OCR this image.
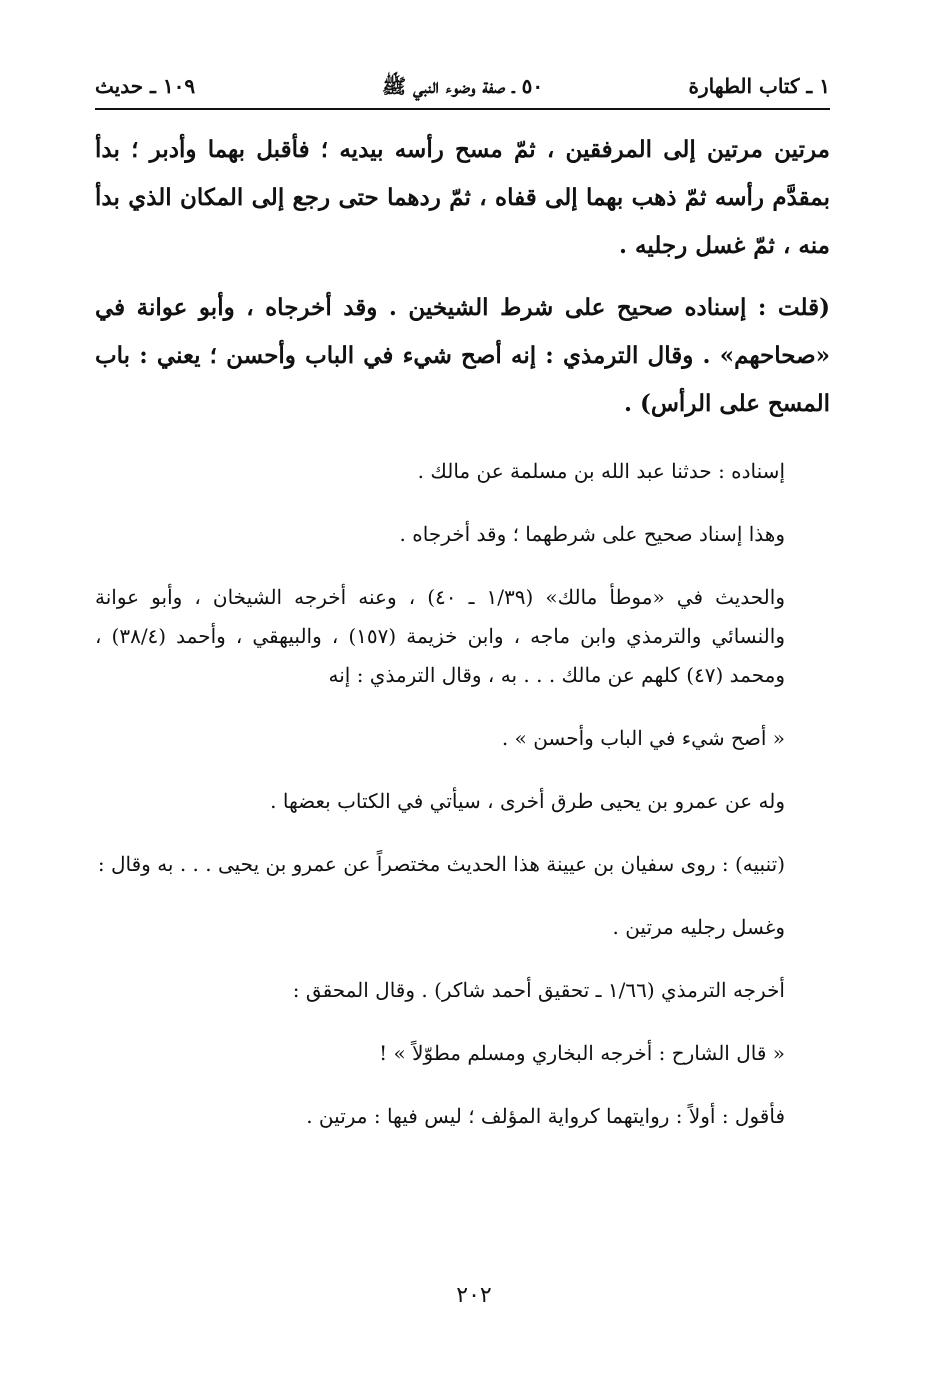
١ ـ كتاب الطهارة
٥٠ ـ صفة وضوء النبي ﷺ
١٠٩ ـ حديث

مرتين مرتين إلى المرفقين ، ثمّ مسح رأسه بيديه ؛ فأقبل بهما وأدبر ؛ بدأ بمقدَّم رأسه ثمّ ذهب بهما إلى قفاه ، ثمّ ردهما حتى رجع إلى المكان الذي بدأ منه ، ثمّ غسل رجليه .

(قلت : إسناده صحيح على شرط الشيخين . وقد أخرجاه ، وأبو عوانة في «صحاحهم» . وقال الترمذي : إنه أصح شيء في الباب وأحسن ؛ يعني : باب المسح على الرأس) .

إسناده : حدثنا عبد الله بن مسلمة عن مالك .

وهذا إسناد صحيح على شرطهما ؛ وقد أخرجاه .

والحديث في «موطأ مالك» (١/٣٩ ـ ٤٠) ، وعنه أخرجه الشيخان ، وأبو عوانة والنسائي والترمذي وابن ماجه ، وابن خزيمة (١٥٧) ، والبيهقي ، وأحمد (٣٨/٤) ، ومحمد (٤٧) كلهم عن مالك . . . به ، وقال الترمذي : إنه

« أصح شيء في الباب وأحسن » .

وله عن عمرو بن يحيى طرق أخرى ، سيأتي في الكتاب بعضها .

(تنبيه) : روى سفيان بن عيينة هذا الحديث مختصراً عن عمرو بن يحيى . . . به وقال :

وغسل رجليه مرتين .

أخرجه الترمذي (١/٦٦ ـ تحقيق أحمد شاكر) . وقال المحقق :

« قال الشارح : أخرجه البخاري ومسلم مطوّلاً » !

فأقول : أولاً : روايتهما كرواية المؤلف ؛ ليس فيها : مرتين .

٢٠٢
